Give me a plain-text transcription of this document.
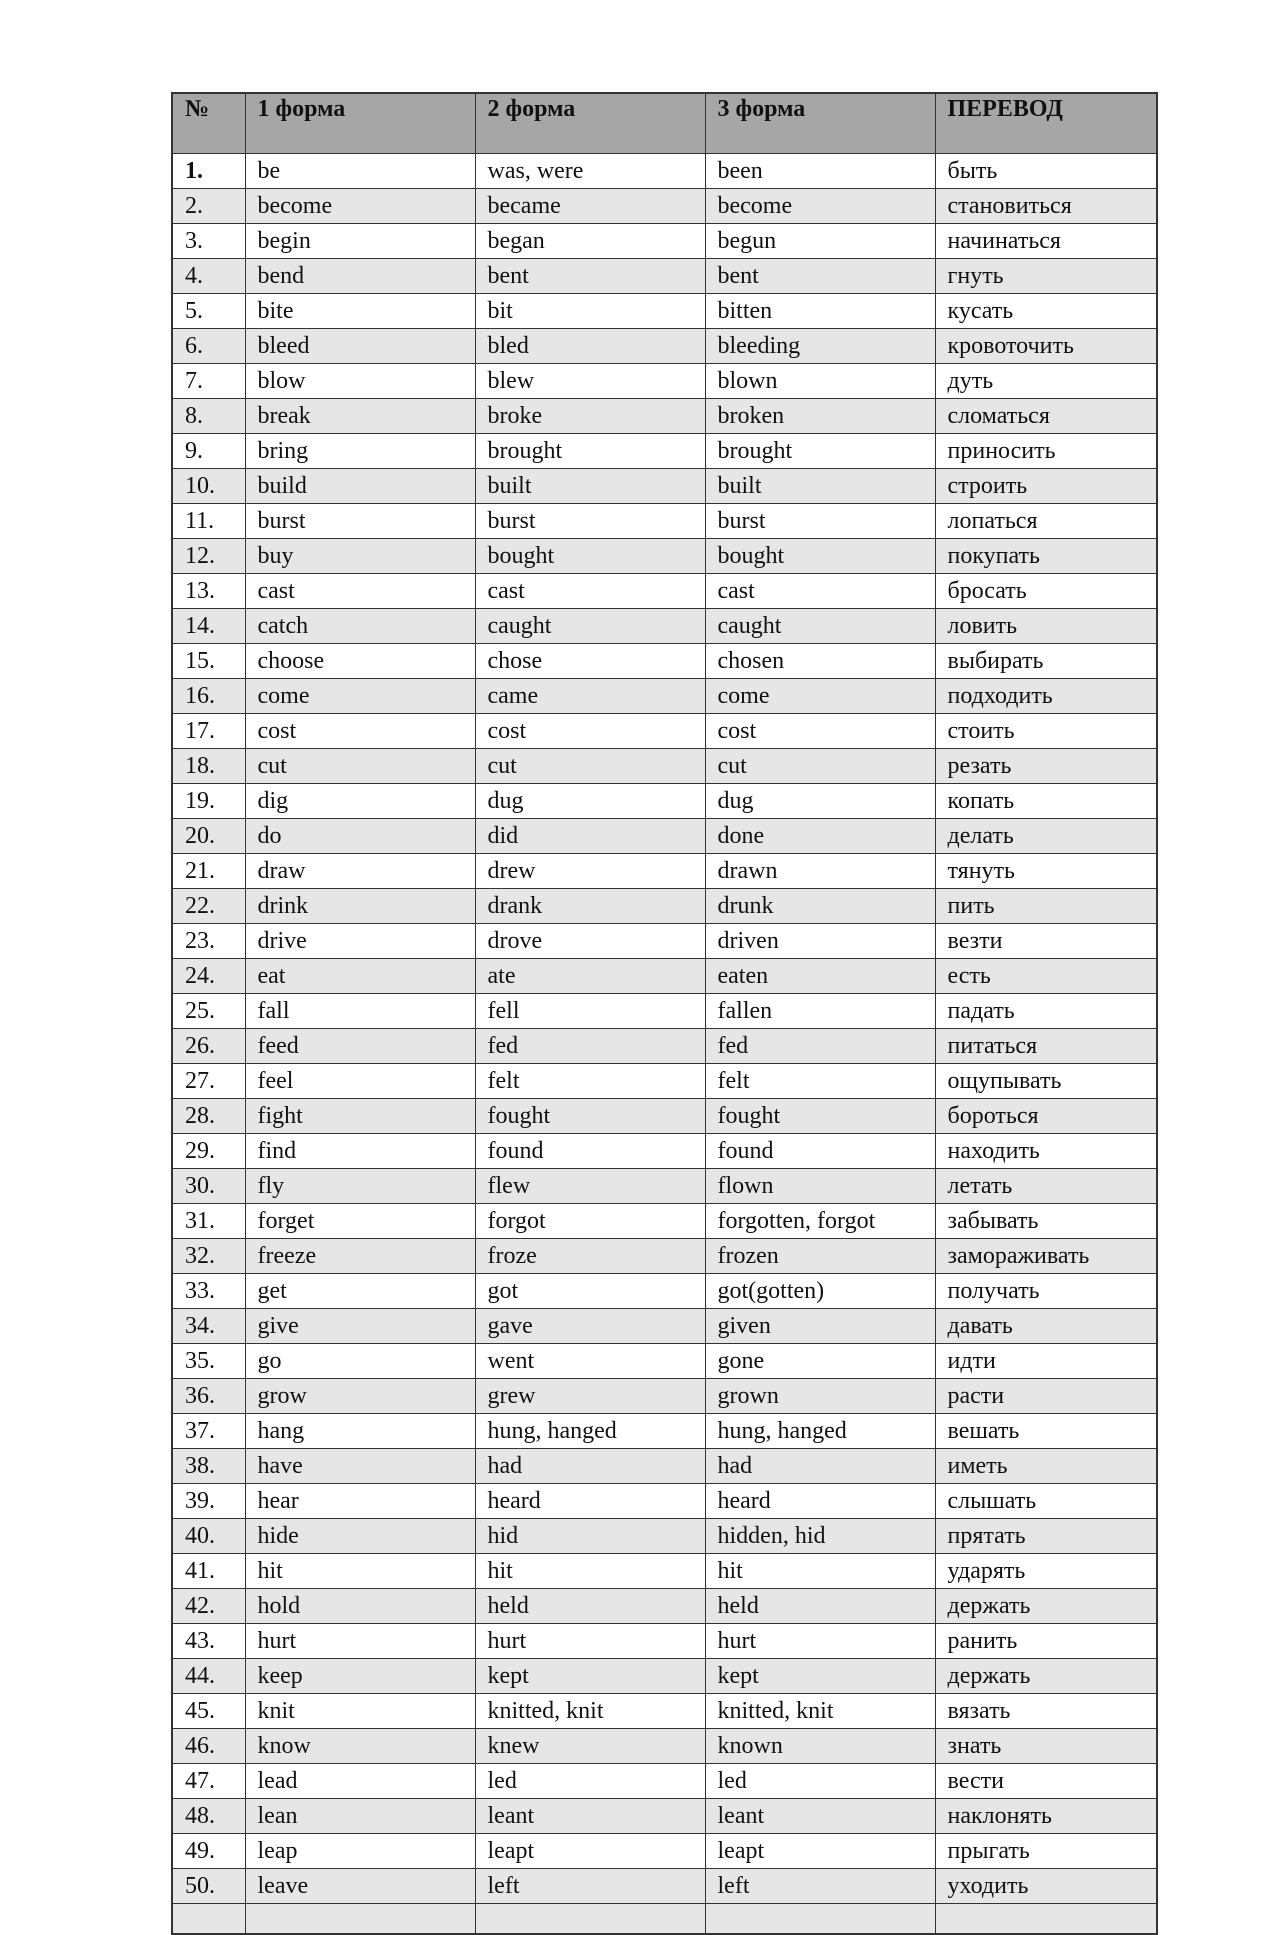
№	1 форма	2 форма	3 форма	ПЕРЕВОД
1.	be	was, were	been	быть
2.	become	became	become	становиться
3.	begin	began	begun	начинаться
4.	bend	bent	bent	гнуть
5.	bite	bit	bitten	кусать
6.	bleed	bled	bleeding	кровоточить
7.	blow	blew	blown	дуть
8.	break	broke	broken	сломаться
9.	bring	brought	brought	приносить
10.	build	built	built	строить
11.	burst	burst	burst	лопаться
12.	buy	bought	bought	покупать
13.	cast	cast	cast	бросать
14.	catch	caught	caught	ловить
15.	choose	chose	chosen	выбирать
16.	come	came	come	подходить
17.	cost	cost	cost	стоить
18.	cut	cut	cut	резать
19.	dig	dug	dug	копать
20.	do	did	done	делать
21.	draw	drew	drawn	тянуть
22.	drink	drank	drunk	пить
23.	drive	drove	driven	везти
24.	eat	ate	eaten	есть
25.	fall	fell	fallen	падать
26.	feed	fed	fed	питаться
27.	feel	felt	felt	ощупывать
28.	fight	fought	fought	бороться
29.	find	found	found	находить
30.	fly	flew	flown	летать
31.	forget	forgot	forgotten, forgot	забывать
32.	freeze	froze	frozen	замораживать
33.	get	got	got(gotten)	получать
34.	give	gave	given	давать
35.	go	went	gone	идти
36.	grow	grew	grown	расти
37.	hang	hung, hanged	hung, hanged	вешать
38.	have	had	had	иметь
39.	hear	heard	heard	слышать
40.	hide	hid	hidden, hid	прятать
41.	hit	hit	hit	ударять
42.	hold	held	held	держать
43.	hurt	hurt	hurt	ранить
44.	keep	kept	kept	держать
45.	knit	knitted, knit	knitted, knit	вязать
46.	know	knew	known	знать
47.	lead	led	led	вести
48.	lean	leant	leant	наклонять
49.	leap	leapt	leapt	прыгать
50.	leave	left	left	уходить
